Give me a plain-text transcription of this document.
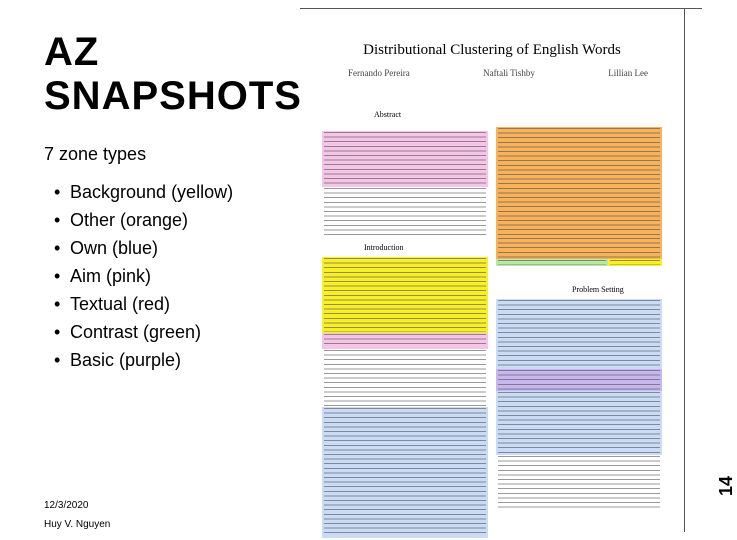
AZ
SNAPSHOTS

7 zone types

• Background (yellow)
• Other (orange)
• Own (blue)
• Aim (pink)
• Textual (red)
• Contrast (green)
• Basic (purple)
12/3/2020
Huy V. Nguyen
14
Distributional Clustering of English Words
Fernando Pereira	Naftali Tishby	Lillian Lee
Abstract
Introduction
Problem Setting
